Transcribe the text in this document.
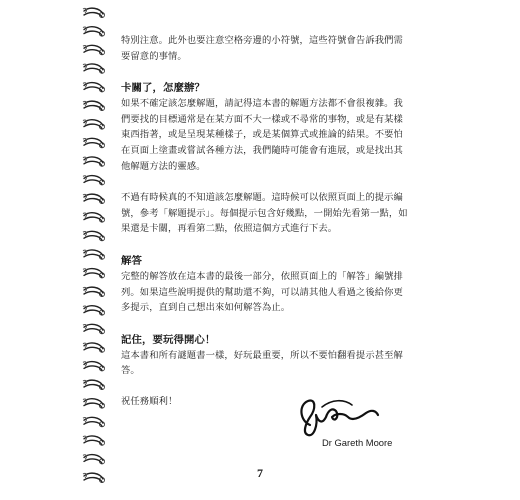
特別注意。此外也要注意空格旁邊的小符號，這些符號會告訴我們需要留意的事情。

卡關了，怎麼辦？

如果不確定該怎麼解題，請記得這本書的解題方法都不會很複雜。我們要找的目標通常是在某方面不大一樣或不尋常的事物，或是有某樣東西指著，或是呈現某種樣子，或是某個算式或推論的結果。不要怕在頁面上塗畫或嘗試各種方法，我們隨時可能會有進展，或是找出其他解題方法的靈感。

不過有時候真的不知道該怎麼解題。這時候可以依照頁面上的提示編號，參考「解題提示」。每個提示包含好幾點，一開始先看第一點，如果還是卡關，再看第二點，依照這個方式進行下去。

解答

完整的解答放在這本書的最後一部分，依照頁面上的「解答」編號排列。如果這些說明提供的幫助還不夠，可以請其他人看過之後給你更多提示，直到自己想出來如何解答為止。

記住，要玩得開心！

這本書和所有謎題書一樣，好玩最重要，所以不要怕翻看提示甚至解答。

祝任務順利！

Dr Gareth Moore
7
